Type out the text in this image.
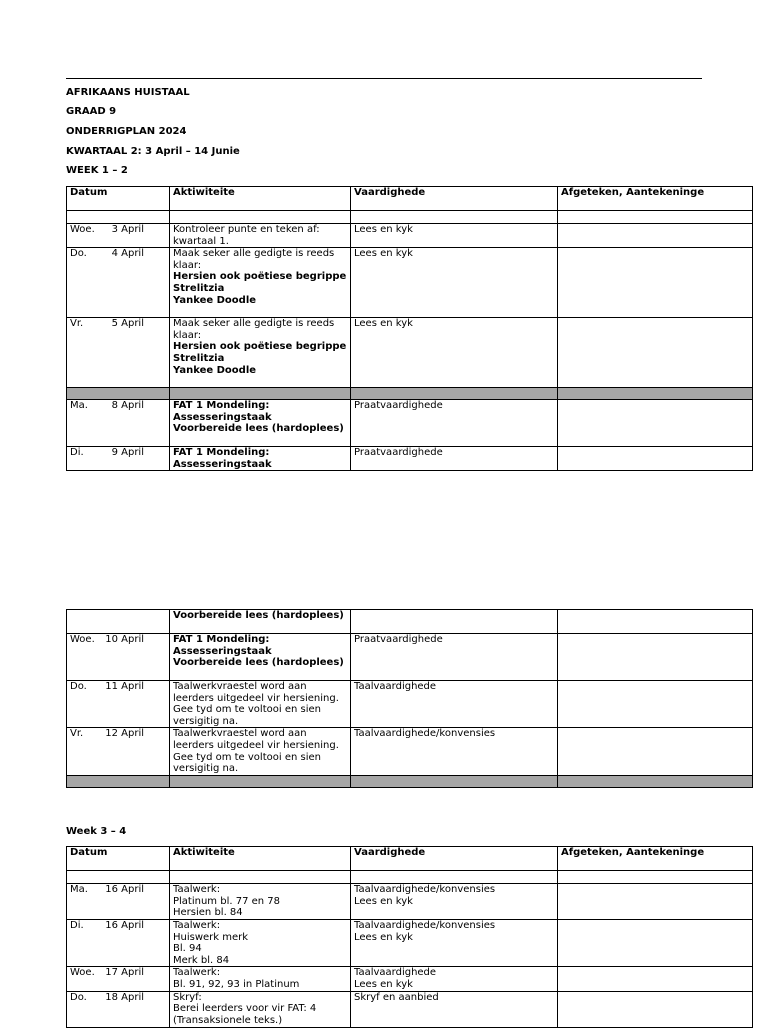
AFRIKAANS HUISTAAL
GRAAD 9
ONDERRIGPLAN 2024
KWARTAAL 2: 3 April – 14 Junie
WEEK 1 – 2
Datum	Aktiwiteite	Vaardighede	Afgeteken, Aantekeninge

Woe. 3 April	Kontroleer punte en teken af: kwartaal 1.	Lees en kyk	

Do. 4 April	Maak seker alle gedigte is reeds klaar:
Hersien ook poëtiese begrippe
Strelitzia
Yankee Doodle	Lees en kyk	

Vr. 5 April	Maak seker alle gedigte is reeds klaar:
Hersien ook poëtiese begrippe
Strelitzia
Yankee Doodle	Lees en kyk	

Ma. 8 April	FAT 1 Mondeling: Assesseringstaak
Voorbereide lees (hardoplees)	Praatvaardighede	

Di. 9 April	FAT 1 Mondeling: Assesseringstaak	Praatvaardighede	

	Voorbereide lees (hardoplees)		

Woe. 10 April	FAT 1 Mondeling: Assesseringstaak
Voorbereide lees (hardoplees)	Praatvaardighede	

Do. 11 April	Taalwerkvraestel word aan leerders uitgedeel vir hersiening. Gee tyd om te voltooi en sien versigitig na.	Taalvaardighede	

Vr. 12 April	Taalwerkvraestel word aan leerders uitgedeel vir hersiening. Gee tyd om te voltooi en sien versigitig na.	Taalvaardighede/konvensies	

Week 3 – 4
Datum	Aktiwiteite	Vaardighede	Afgeteken, Aantekeninge

Ma. 16 April	Taalwerk:
Platinum bl. 77 en 78
Hersien bl. 84	Taalvaardighede/konvensies
Lees en kyk	

Di. 16 April	Taalwerk:
Huiswerk merk
Bl. 94
Merk bl. 84	Taalvaardighede/konvensies
Lees en kyk	

Woe. 17 April	Taalwerk:
Bl. 91, 92, 93 in Platinum	Taalvaardighede
Lees en kyk	

Do. 18 April	Skryf:
Berei leerders voor vir FAT: 4 (Transaksionele teks.)	Skryf en aanbied	
